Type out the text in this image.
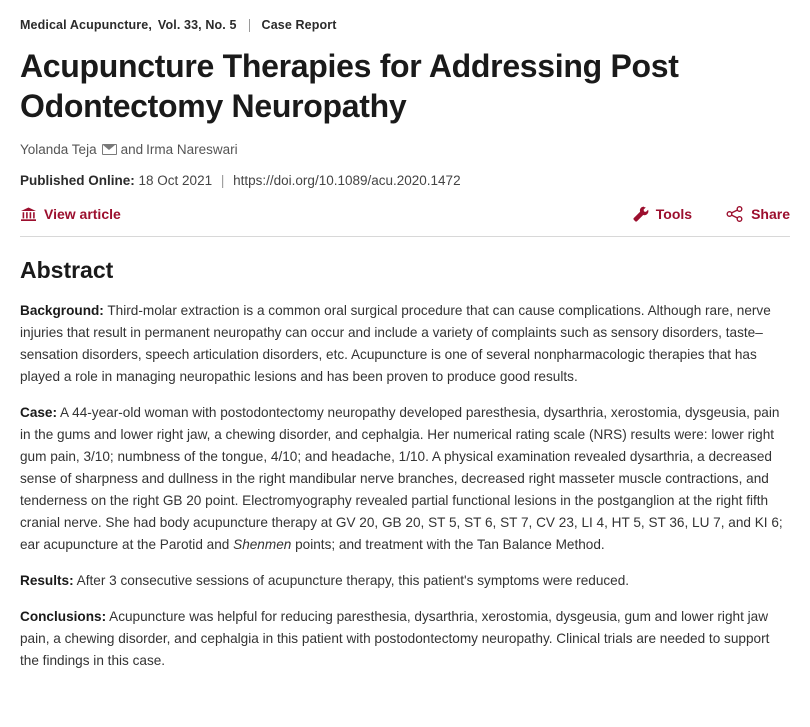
Medical Acupuncture, Vol. 33, No. 5 Case Report
Acupuncture Therapies for Addressing Post Odontectomy Neuropathy
Yolanda Teja and Irma Nareswari
Published Online: 18 Oct 2021 | https://doi.org/10.1089/acu.2020.1472
View article	Tools	Share
Abstract

Background: Third-molar extraction is a common oral surgical procedure that can cause complications. Although rare, nerve injuries that result in permanent neuropathy can occur and include a variety of complaints such as sensory disorders, taste–sensation disorders, speech articulation disorders, etc. Acupuncture is one of several nonpharmacologic therapies that has played a role in managing neuropathic lesions and has been proven to produce good results.

Case: A 44-year-old woman with postodontectomy neuropathy developed paresthesia, dysarthria, xerostomia, dysgeusia, pain in the gums and lower right jaw, a chewing disorder, and cephalgia. Her numerical rating scale (NRS) results were: lower right gum pain, 3/10; numbness of the tongue, 4/10; and headache, 1/10. A physical examination revealed dysarthria, a decreased sense of sharpness and dullness in the right mandibular nerve branches, decreased right masseter muscle contractions, and tenderness on the right GB 20 point. Electromyography revealed partial functional lesions in the postganglion at the right fifth cranial nerve. She had body acupuncture therapy at GV 20, GB 20, ST 5, ST 6, ST 7, CV 23, LI 4, HT 5, ST 36, LU 7, and KI 6; ear acupuncture at the Parotid and Shenmen points; and treatment with the Tan Balance Method.

Results: After 3 consecutive sessions of acupuncture therapy, this patient's symptoms were reduced.

Conclusions: Acupuncture was helpful for reducing paresthesia, dysarthria, xerostomia, dysgeusia, gum and lower right jaw pain, a chewing disorder, and cephalgia in this patient with postodontectomy neuropathy. Clinical trials are needed to support the findings in this case.
